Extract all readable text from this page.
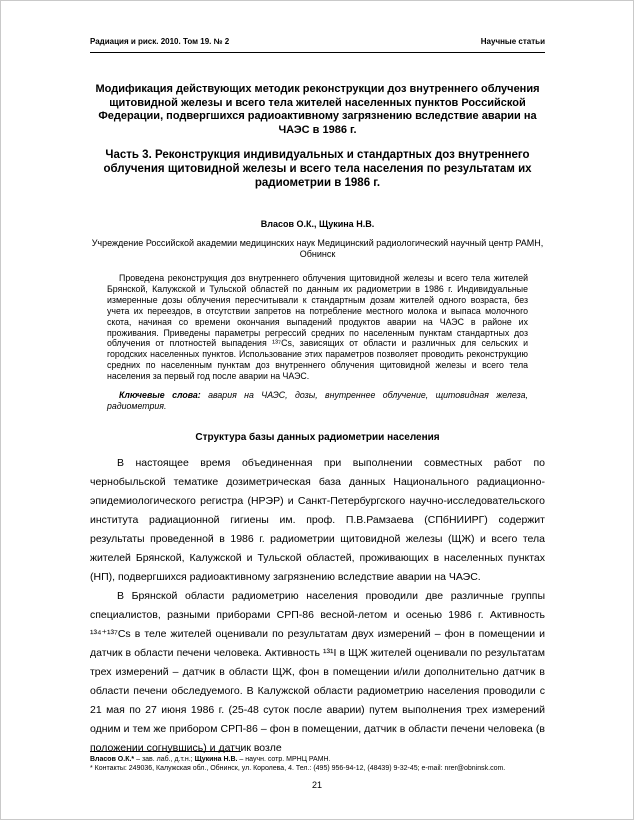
Радиация и риск. 2010. Том 19. № 2	Научные статьи
Модификация действующих методик реконструкции доз внутреннего облучения щитовидной железы и всего тела жителей населенных пунктов Российской Федерации, подвергшихся радиоактивному загрязнению вследствие аварии на ЧАЭС в 1986 г.
Часть 3. Реконструкция индивидуальных и стандартных доз внутреннего облучения щитовидной железы и всего тела населения по результатам их радиометрии в 1986 г.
Власов О.К., Щукина Н.В.
Учреждение Российской академии медицинских наук Медицинский радиологический научный центр РАМН, Обнинск

Проведена реконструкция доз внутреннего облучения щитовидной железы и всего тела жителей Брянской, Калужской и Тульской областей по данным их радиометрии в 1986 г. Индивидуальные измеренные дозы облучения пересчитывали к стандартным дозам жителей одного возраста, без учета их переездов, в отсутствии запретов на потребление местного молока и выпаса молочного скота, начиная со времени окончания выпадений продуктов аварии на ЧАЭС в районе их проживания. Приведены параметры регрессий средних по населенным пунктам стандартных доз облучения от плотностей выпадения ¹³⁷Cs, зависящих от области и различных для сельских и городских населенных пунктов. Использование этих параметров позволяет проводить реконструкцию средних по населенным пунктам доз внутреннего облучения щитовидной железы и всего тела населения за первый год после аварии на ЧАЭС.

Ключевые слова: авария на ЧАЭС, дозы, внутреннее облучение, щитовидная железа, радиометрия.

Структура базы данных радиометрии населения

В настоящее время объединенная при выполнении совместных работ по чернобыльской тематике дозиметрическая база данных Национального радиационно-эпидемиологического регистра (НРЭР) и Санкт-Петербургского научно-исследовательского института радиационной гигиены им. проф. П.В.Рамзаева (СПбНИИРГ) содержит результаты проведенной в 1986 г. радиометрии щитовидной железы (ЩЖ) и всего тела жителей Брянской, Калужской и Тульской областей, проживающих в населенных пунктах (НП), подвергшихся радиоактивному загрязнению вследствие аварии на ЧАЭС.

В Брянской области радиометрию населения проводили две различные группы специалистов, разными приборами СРП-86 весной-летом и осенью 1986 г. Активность ¹³⁴⁺¹³⁷Cs в теле жителей оценивали по результатам двух измерений – фон в помещении и датчик в области печени человека. Активность ¹³¹I в ЩЖ жителей оценивали по результатам трех измерений – датчик в области ЩЖ, фон в помещении и/или дополнительно датчик в области печени обследуемого. В Калужской области радиометрию населения проводили с 21 мая по 27 июня 1986 г. (25-48 суток после аварии) путем выполнения трех измерений одним и тем же прибором СРП-86 – фон в помещении, датчик в области печени человека (в положении согнувшись) и датчик возле

Власов О.К.* – зав. лаб., д.т.н.; Щукина Н.В. – научн. сотр. МРНЦ РАМН.
* Контакты: 249036, Калужская обл., Обнинск, ул. Королева, 4. Тел.: (495) 956-94-12, (48439) 9-32-45; e-mail: nrer@obninsk.com.
21
